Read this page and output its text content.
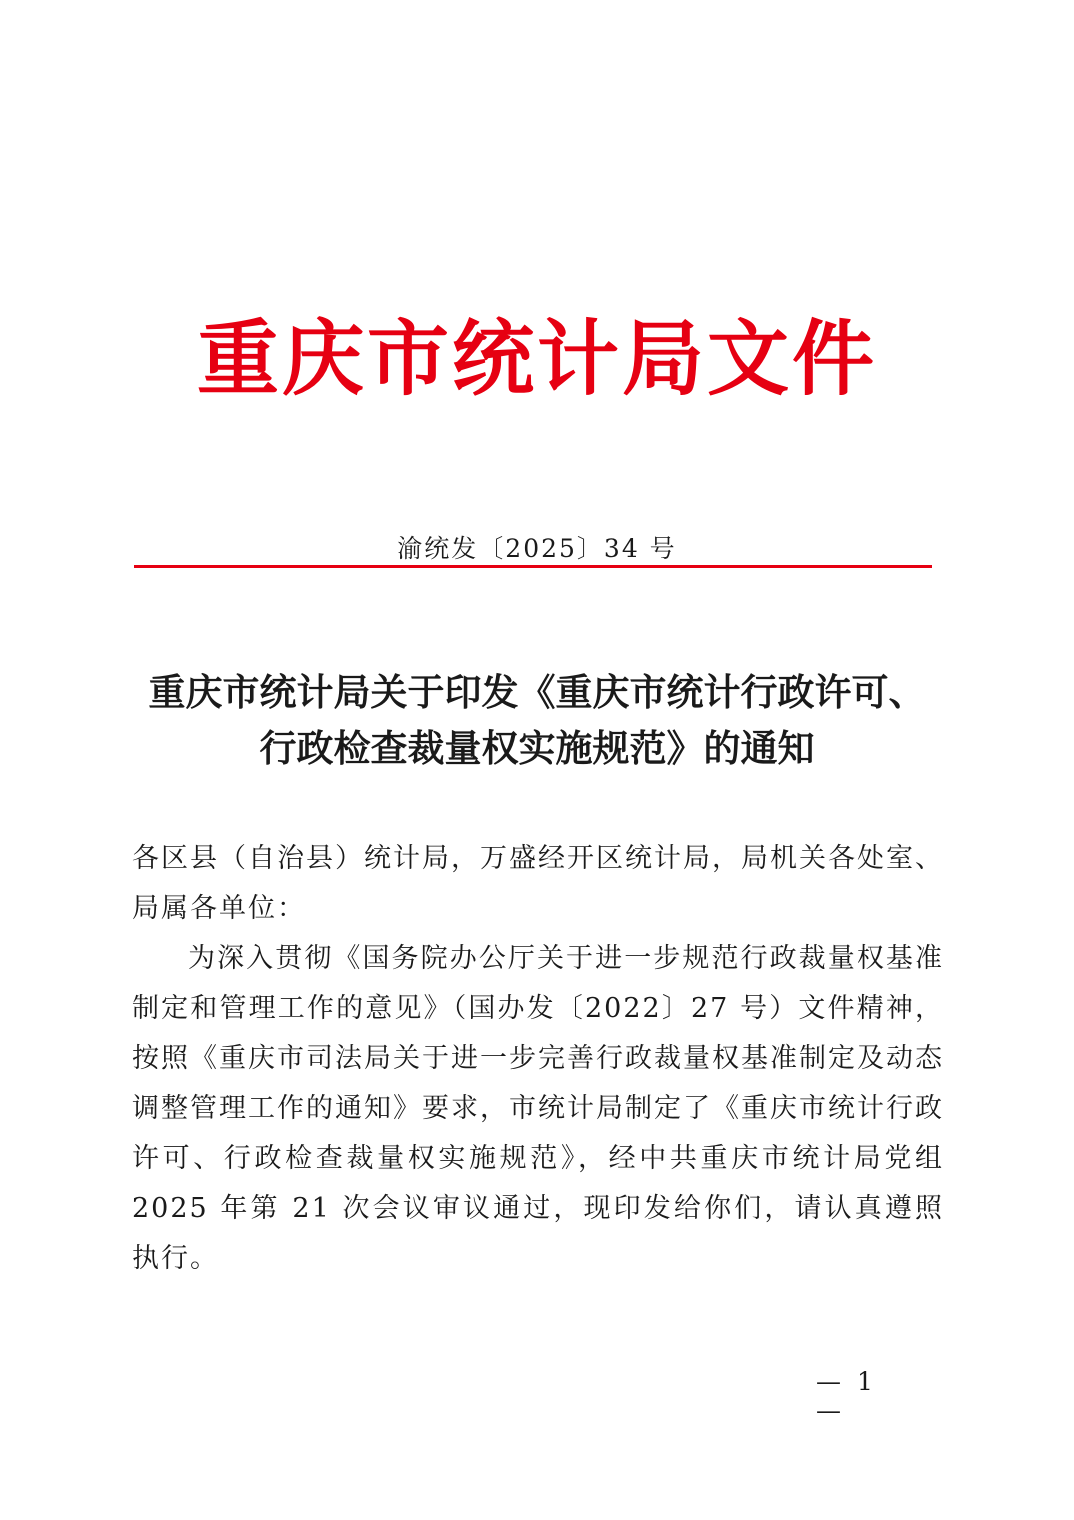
重庆市统计局文件
渝统发〔2025〕34 号
重庆市统计局关于印发《重庆市统计行政许可、
行政检查裁量权实施规范》的通知

各区县（自治县）统计局，万盛经开区统计局，局机关各处室、

局属各单位：

为深入贯彻《国务院办公厅关于进一步规范行政裁量权基准制定和管理工作的意见》（国办发〔2022〕27 号）文件精神，按照《重庆市司法局关于进一步完善行政裁量权基准制定及动态调整管理工作的通知》要求，市统计局制定了《重庆市统计行政许可、行政检查裁量权实施规范》，经中共重庆市统计局党组 2025 年第 21 次会议审议通过，现印发给你们，请认真遵照执行。

— 1 —
